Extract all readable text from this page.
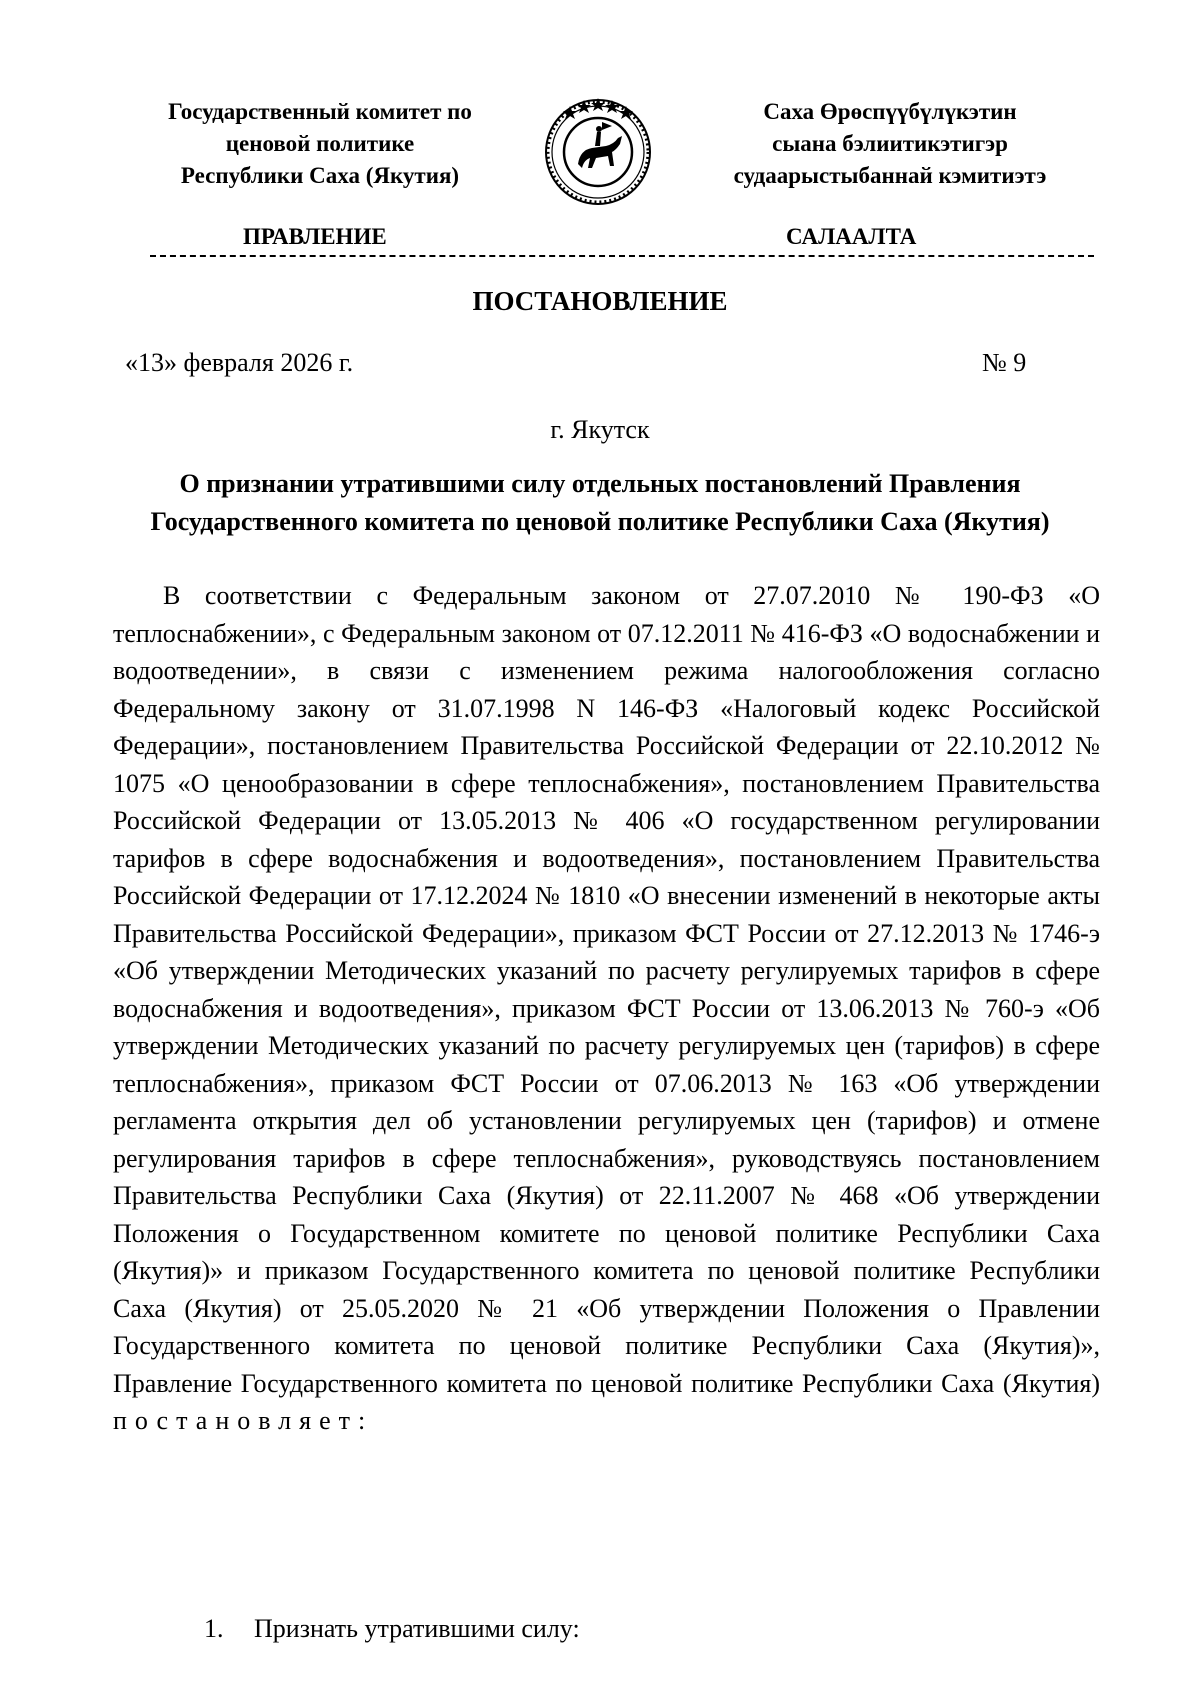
Государственный комитет по
ценовой политике
Республики Саха (Якутия)
Саха Өрөспүүбүлүкэтин
сыана бэлиитикэтигэр
судаарыстыбаннай кэмитиэтэ
ПРАВЛЕНИЕ	САЛААЛТА
ПОСТАНОВЛЕНИЕ
«13» февраля 2026 г.	№ 9
г. Якутск
О признании утратившими силу отдельных постановлений Правления
Государственного комитета по ценовой политике Республики Саха (Якутия)

В соответствии с Федеральным законом от 27.07.2010 № 190-ФЗ «О теплоснабжении», с Федеральным законом от 07.12.2011 № 416-ФЗ «О водоснабжении и водоотведении», в связи с изменением режима налогообложения согласно Федеральному закону от 31.07.1998 N 146-ФЗ «Налоговый кодекс Российской Федерации», постановлением Правительства Российской Федерации от 22.10.2012 № 1075 «О ценообразовании в сфере теплоснабжения», постановлением Правительства Российской Федерации от 13.05.2013 № 406 «О государственном регулировании тарифов в сфере водоснабжения и водоотведения», постановлением Правительства Российской Федерации от 17.12.2024 № 1810 «О внесении изменений в некоторые акты Правительства Российской Федерации», приказом ФСТ России от 27.12.2013 № 1746-э «Об утверждении Методических указаний по расчету регулируемых тарифов в сфере водоснабжения и водоотведения», приказом ФСТ России от 13.06.2013 № 760-э «Об утверждении Методических указаний по расчету регулируемых цен (тарифов) в сфере теплоснабжения», приказом ФСТ России от 07.06.2013 № 163 «Об утверждении регламента открытия дел об установлении регулируемых цен (тарифов) и отмене регулирования тарифов в сфере теплоснабжения», руководствуясь постановлением Правительства Республики Саха (Якутия) от 22.11.2007 № 468 «Об утверждении Положения о Государственном комитете по ценовой политике Республики Саха (Якутия)» и приказом Государственного комитета по ценовой политике Республики Саха (Якутия) от 25.05.2020 № 21 «Об утверждении Положения о Правлении Государственного комитета по ценовой политике Республики Саха (Якутия)», Правление Государственного комитета по ценовой политике Республики Саха (Якутия) постановляет:

1. Признать утратившими силу:
